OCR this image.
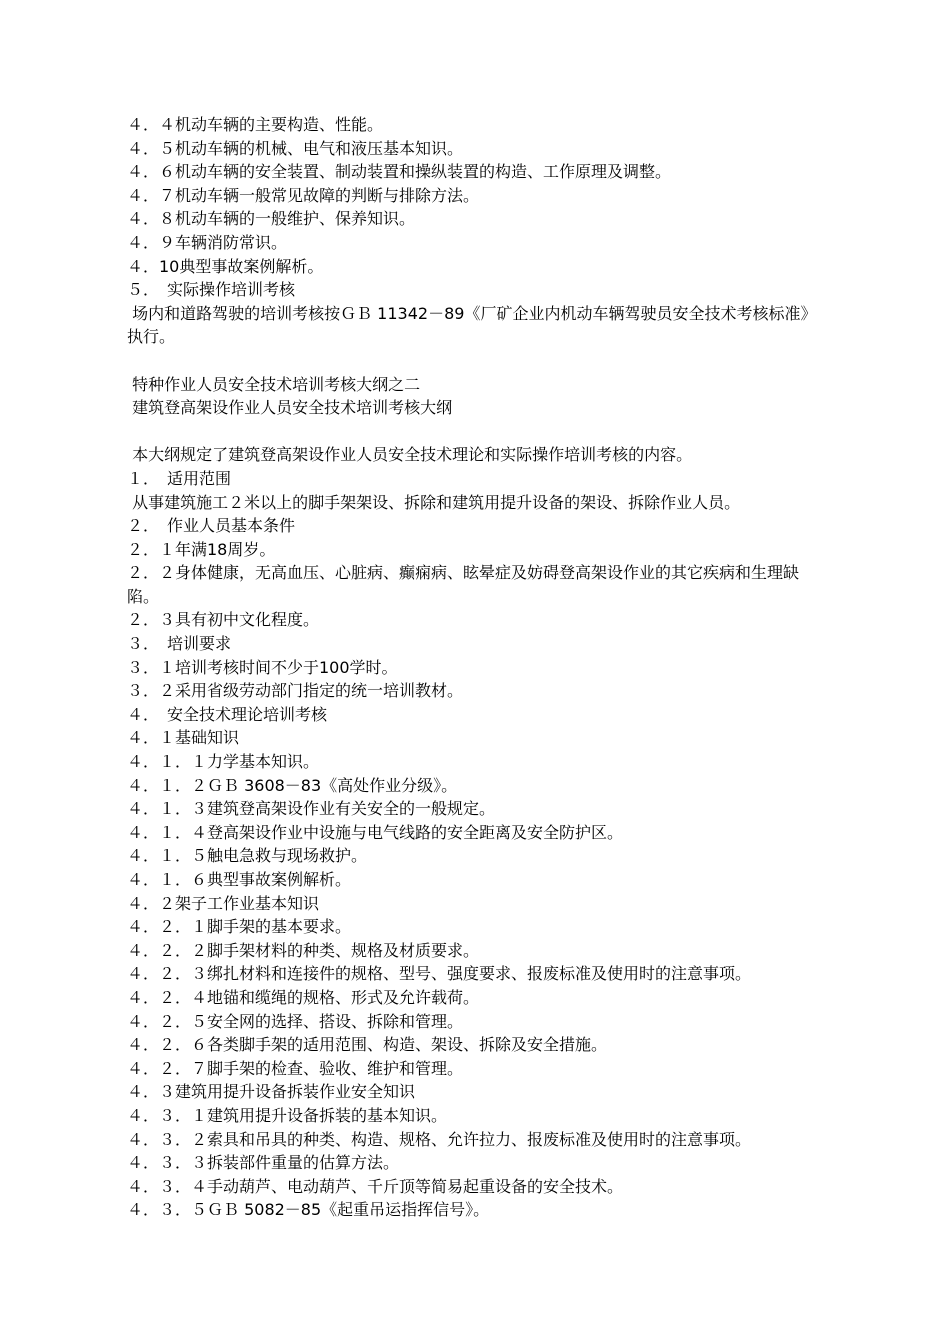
４．４机动车辆的主要构造、性能。

４．５机动车辆的机械、电气和液压基本知识。

４．６机动车辆的安全装置、制动装置和操纵装置的构造、工作原理及调整。

４．７机动车辆一般常见故障的判断与排除方法。

４．８机动车辆的一般维护、保养知识。

４．９车辆消防常识。

４．10典型事故案例解析。

５．　实际操作培训考核

场内和道路驾驶的培训考核按ＧＢ 11342－89《厂矿企业内机动车辆驾驶员安全技术考核标准》执行。

特种作业人员安全技术培训考核大纲之二

建筑登高架设作业人员安全技术培训考核大纲

本大纲规定了建筑登高架设作业人员安全技术理论和实际操作培训考核的内容。

１．　适用范围

从事建筑施工２米以上的脚手架架设、拆除和建筑用提升设备的架设、拆除作业人员。

２．　作业人员基本条件

２．１年满18周岁。

２．２身体健康，无高血压、心脏病、癫痫病、眩晕症及妨碍登高架设作业的其它疾病和生理缺陷。

２．３具有初中文化程度。

３．　培训要求

３．１培训考核时间不少于100学时。

３．２采用省级劳动部门指定的统一培训教材。

４．　安全技术理论培训考核

４．１基础知识

４．１．１力学基本知识。

４．１．２ＧＢ 3608－83《高处作业分级》。

４．１．３建筑登高架设作业有关安全的一般规定。

４．１．４登高架设作业中设施与电气线路的安全距离及安全防护区。

４．１．５触电急救与现场救护。

４．１．６典型事故案例解析。

４．２架子工作业基本知识

４．２．１脚手架的基本要求。

４．２．２脚手架材料的种类、规格及材质要求。

４．２．３绑扎材料和连接件的规格、型号、强度要求、报废标准及使用时的注意事项。

４．２．４地锚和缆绳的规格、形式及允许载荷。

４．２．５安全网的选择、搭设、拆除和管理。

４．２．６各类脚手架的适用范围、构造、架设、拆除及安全措施。

４．２．７脚手架的检查、验收、维护和管理。

４．３建筑用提升设备拆装作业安全知识

４．３．１建筑用提升设备拆装的基本知识。

４．３．２索具和吊具的种类、构造、规格、允许拉力、报废标准及使用时的注意事项。

４．３．３拆装部件重量的估算方法。

４．３．４手动葫芦、电动葫芦、千斤顶等简易起重设备的安全技术。

４．３．５ＧＢ 5082－85《起重吊运指挥信号》。
